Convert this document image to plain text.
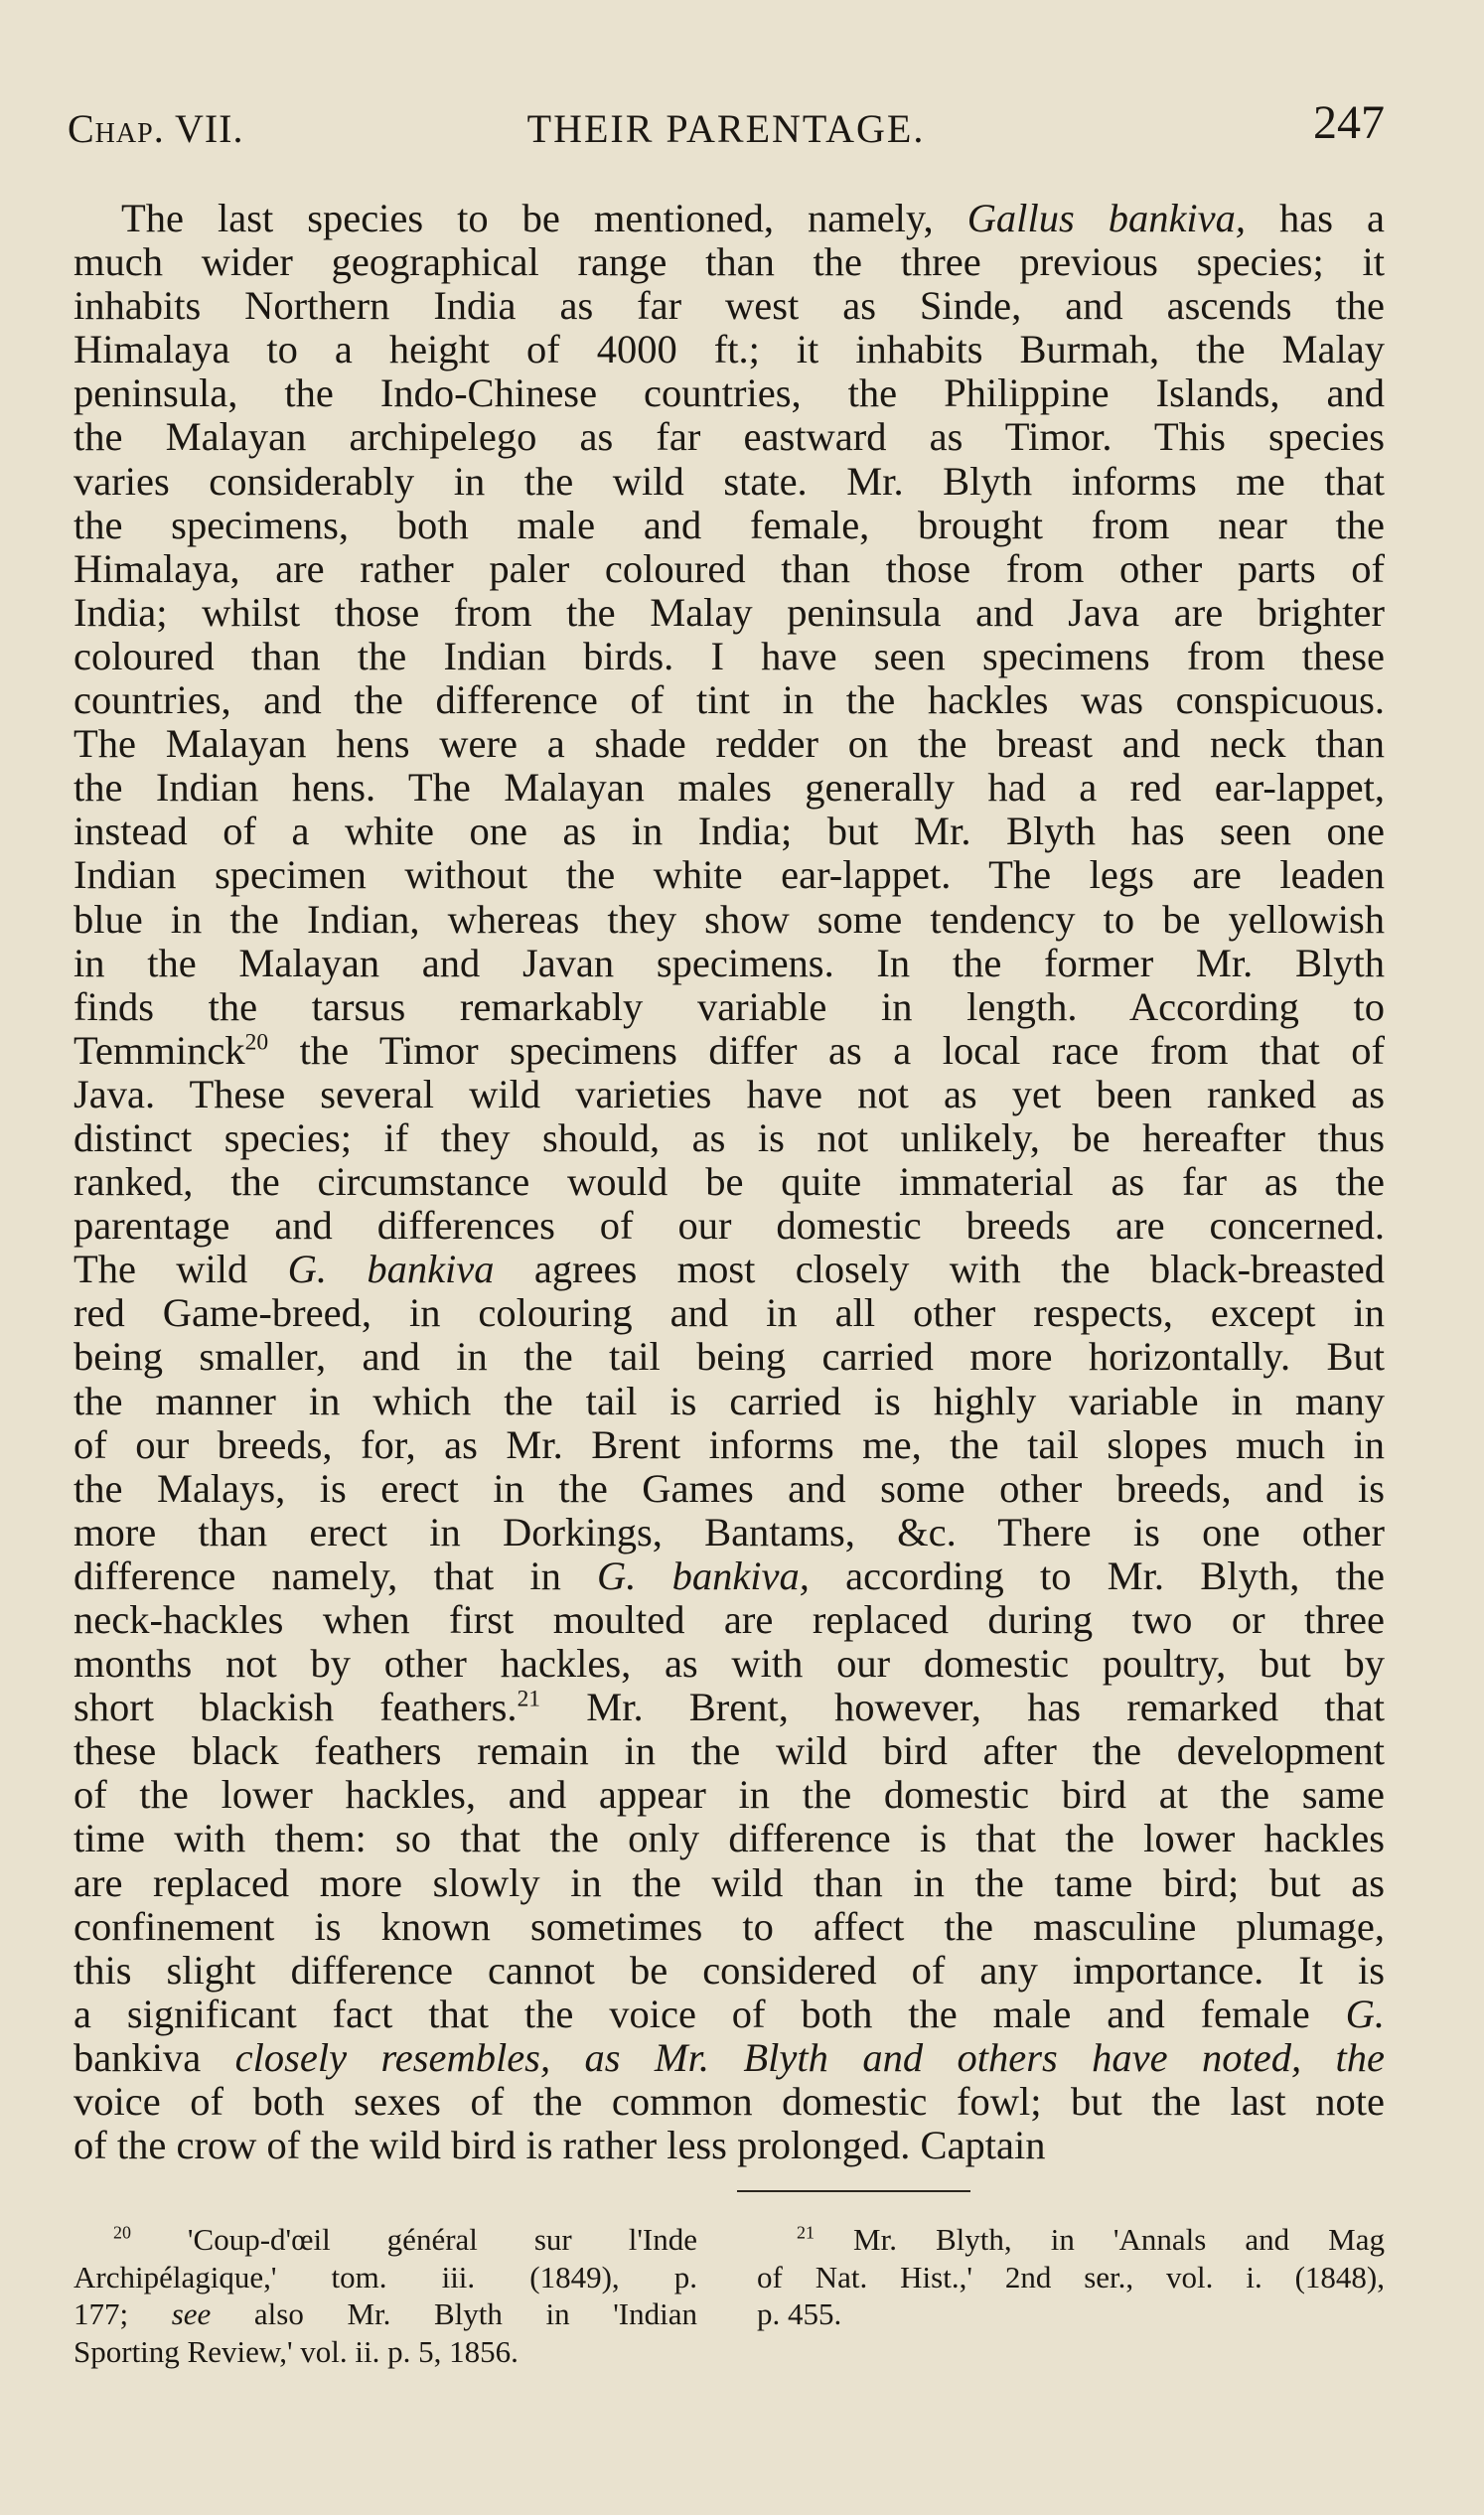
Chap. VII.	THEIR PARENTAGE.	247
The last species to be mentioned, namely, Gallus bankiva, has a
much wider geographical range than the three previous species; it
inhabits Northern India as far west as Sinde, and ascends the
Himalaya to a height of 4000 ft.; it inhabits Burmah, the Malay
peninsula, the Indo-Chinese countries, the Philippine Islands, and
the Malayan archipelego as far eastward as Timor. This species
varies considerably in the wild state. Mr. Blyth informs me that
the specimens, both male and female, brought from near the
Himalaya, are rather paler coloured than those from other parts of
India; whilst those from the Malay peninsula and Java are brighter
coloured than the Indian birds. I have seen specimens from these
countries, and the difference of tint in the hackles was conspicuous.
The Malayan hens were a shade redder on the breast and neck than
the Indian hens. The Malayan males generally had a red ear-lappet,
instead of a white one as in India; but Mr. Blyth has seen one
Indian specimen without the white ear-lappet. The legs are leaden
blue in the Indian, whereas they show some tendency to be yellowish
in the Malayan and Javan specimens. In the former Mr. Blyth
finds the tarsus remarkably variable in length. According to
Temminck$^{20}$ the Timor specimens differ as a local race from that of
Java. These several wild varieties have not as yet been ranked as
distinct species; if they should, as is not unlikely, be hereafter thus
ranked, the circumstance would be quite immaterial as far as the
parentage and differences of our domestic breeds are concerned.
The wild G. bankiva agrees most closely with the black-breasted
red Game-breed, in colouring and in all other respects, except in
being smaller, and in the tail being carried more horizontally. But
the manner in which the tail is carried is highly variable in many
of our breeds, for, as Mr. Brent informs me, the tail slopes much in
the Malays, is erect in the Games and some other breeds, and is
more than erect in Dorkings, Bantams, &c. There is one other
difference namely, that in G. bankiva, according to Mr. Blyth, the
neck-hackles when first moulted are replaced during two or three
months not by other hackles, as with our domestic poultry, but by
short blackish feathers.$^{21}$ Mr. Brent, however, has remarked that
these black feathers remain in the wild bird after the development
of the lower hackles, and appear in the domestic bird at the same
time with them: so that the only difference is that the lower hackles
are replaced more slowly in the wild than in the tame bird; but as
confinement is known sometimes to affect the masculine plumage,
this slight difference cannot be considered of any importance. It is
a significant fact that the voice of both the male and female G.
bankiva closely resembles, as Mr. Blyth and others have noted, the
voice of both sexes of the common domestic fowl; but the last note
of the crow of the wild bird is rather less prolonged. Captain
$^{20}$ 'Coup-d'œil général sur l'Inde
Archipélagique,' tom. iii. (1849), p.
177; see also Mr. Blyth in 'Indian
Sporting Review,' vol. ii. p. 5, 1856.
$^{21}$ Mr. Blyth, in 'Annals and Mag
of Nat. Hist.,' 2nd ser., vol. i. (1848),
p. 455.
